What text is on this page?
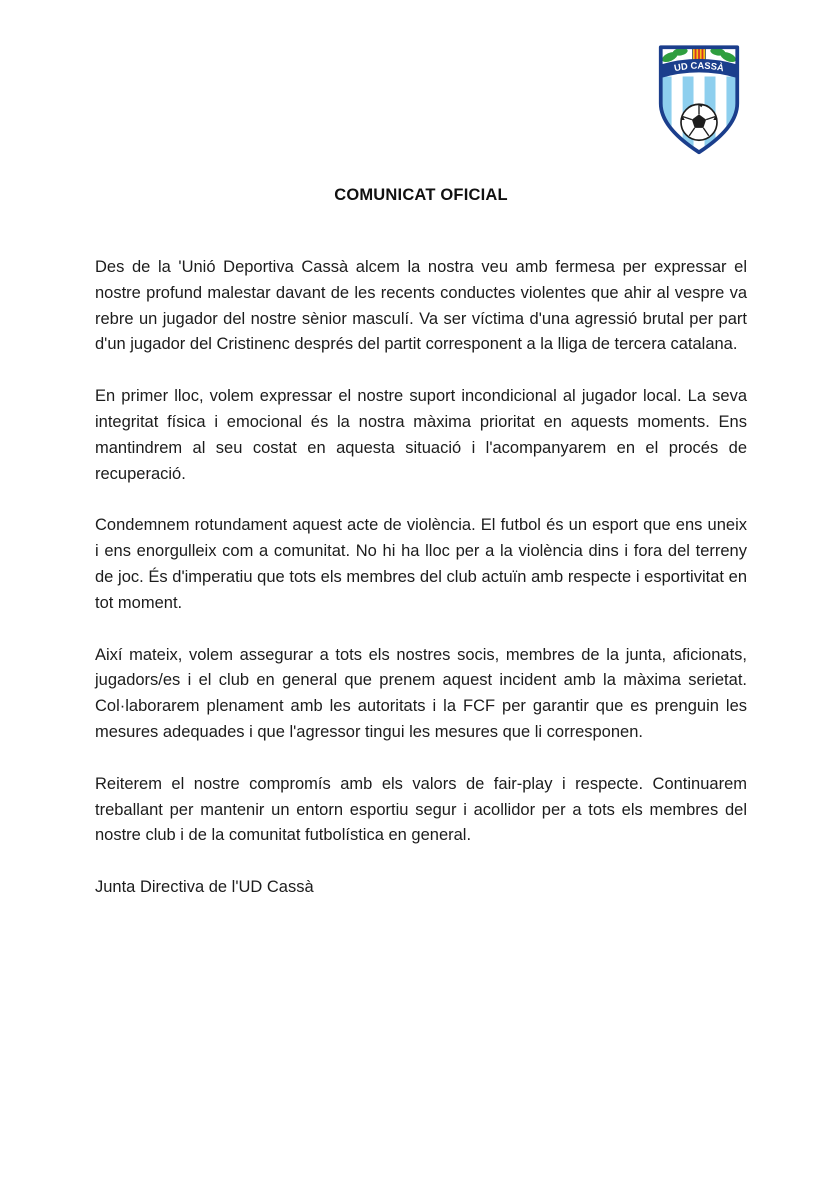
UD CASSÀ
COMUNICAT OFICIAL

Des de la 'Unió Deportiva Cassà alcem la nostra veu amb fermesa per expressar el nostre profund malestar davant de les recents conductes violentes que ahir al vespre va rebre un jugador del nostre sènior masculí. Va ser víctima d'una agressió brutal per part d'un jugador del Cristinenc després del partit corresponent a la lliga de tercera catalana.

En primer lloc, volem expressar el nostre suport incondicional al jugador local. La seva integritat física i emocional és la nostra màxima prioritat en aquests moments. Ens mantindrem al seu costat en aquesta situació i l'acompanyarem en el procés de recuperació.

Condemnem rotundament aquest acte de violència. El futbol és un esport que ens uneix i ens enorgulleix com a comunitat. No hi ha lloc per a la violència dins i fora del terreny de joc. És d'imperatiu que tots els membres del club actuïn amb respecte i esportivitat en tot moment.

Així mateix, volem assegurar a tots els nostres socis, membres de la junta, aficionats, jugadors/es i el club en general que prenem aquest incident amb la màxima serietat. Col·laborarem plenament amb les autoritats i la FCF per garantir que es prenguin les mesures adequades i que l'agressor tingui les mesures que li corresponen.

Reiterem el nostre compromís amb els valors de fair-play i respecte. Continuarem treballant per mantenir un entorn esportiu segur i acollidor per a tots els membres del nostre club i de la comunitat futbolística en general.

Junta Directiva de l'UD Cassà
